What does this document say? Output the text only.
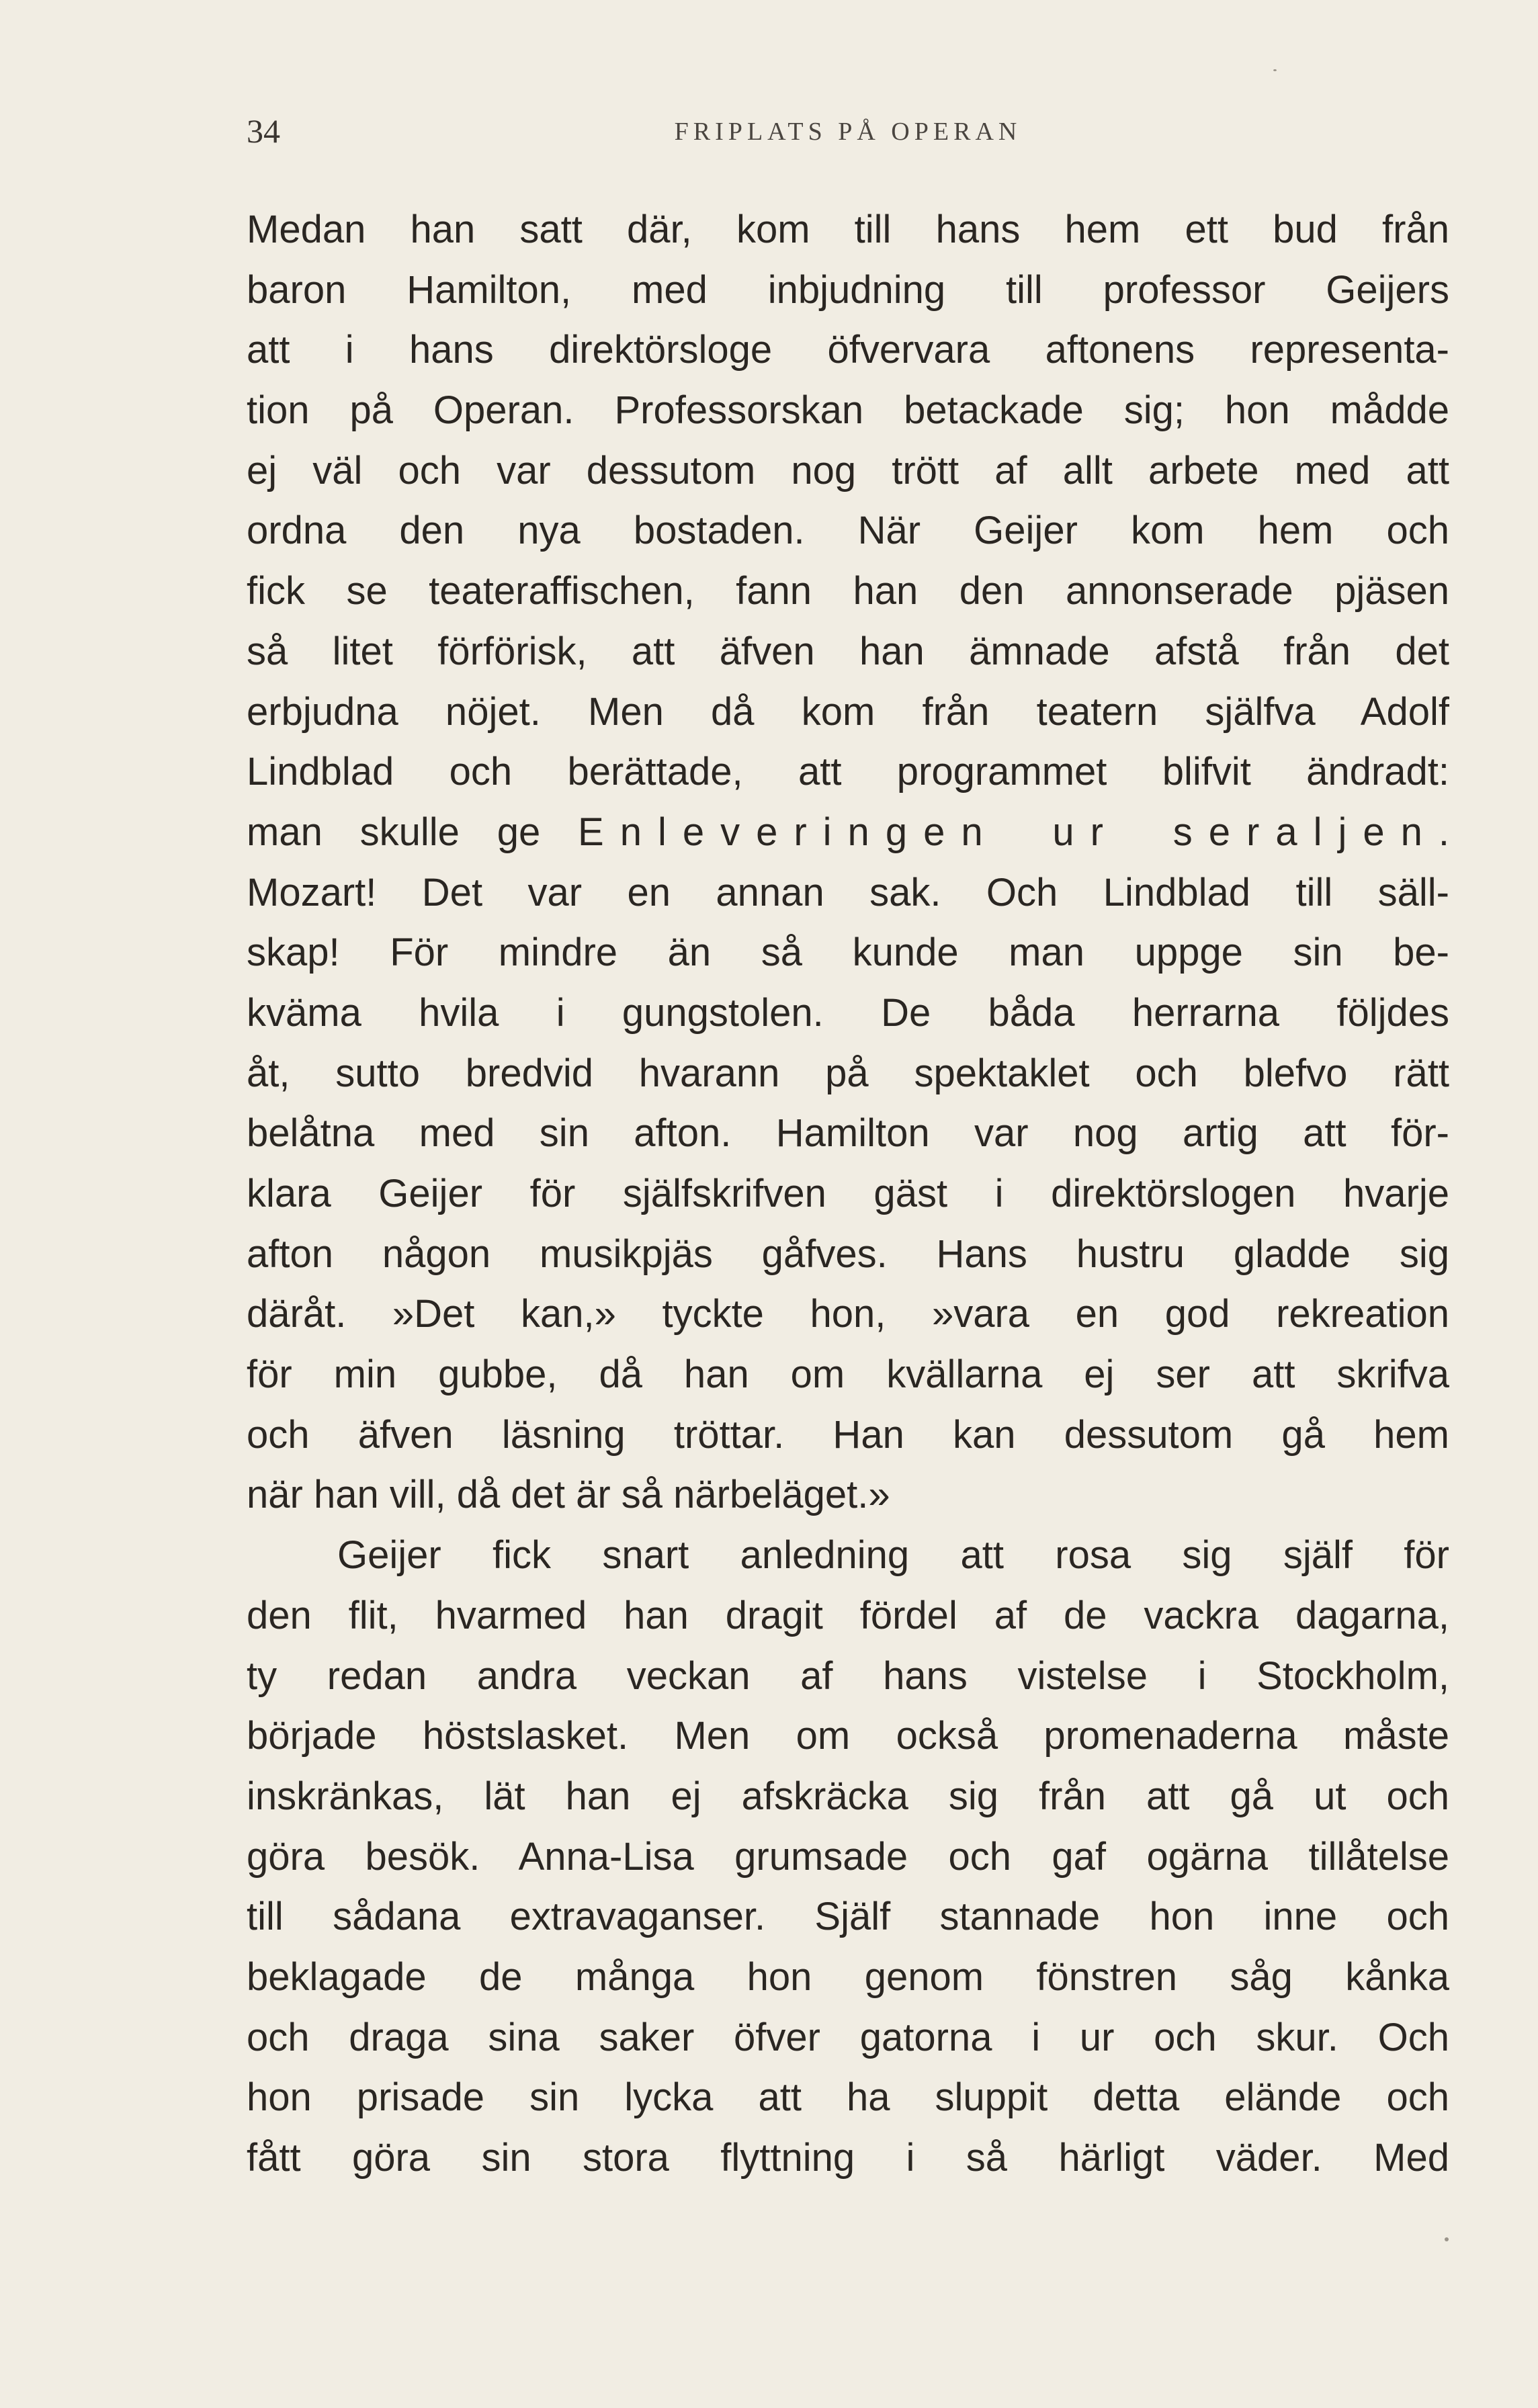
34	FRIPLATS PÅ OPERAN
Medan han satt där, kom till hans hem ett bud från
baron Hamilton, med inbjudning till professor Geijers
att i hans direktörsloge öfvervara aftonens representa-
tion på Operan. Professorskan betackade sig; hon mådde
ej väl och var dessutom nog trött af allt arbete med att
ordna den nya bostaden. När Geijer kom hem och
fick se teateraffischen, fann han den annonserade pjäsen
så litet förförisk, att äfven han ämnade afstå från det
erbjudna nöjet. Men då kom från teatern själfva Adolf
Lindblad och berättade, att programmet blifvit ändradt:
man skulle ge Enleveringen ur seraljen.
Mozart! Det var en annan sak. Och Lindblad till säll-
skap! För mindre än så kunde man uppge sin be-
kväma hvila i gungstolen. De båda herrarna följdes
åt, sutto bredvid hvarann på spektaklet och blefvo rätt
belåtna med sin afton. Hamilton var nog artig att för-
klara Geijer för själfskrifven gäst i direktörslogen hvarje
afton någon musikpjäs gåfves. Hans hustru gladde sig
däråt. »Det kan,» tyckte hon, »vara en god rekreation
för min gubbe, då han om kvällarna ej ser att skrifva
och äfven läsning tröttar. Han kan dessutom gå hem
när han vill, då det är så närbeläget.»
Geijer fick snart anledning att rosa sig själf för
den flit, hvarmed han dragit fördel af de vackra dagarna,
ty redan andra veckan af hans vistelse i Stockholm,
började höstslasket. Men om också promenaderna måste
inskränkas, lät han ej afskräcka sig från att gå ut och
göra besök. Anna-Lisa grumsade och gaf ogärna tillåtelse
till sådana extravaganser. Själf stannade hon inne och
beklagade de många hon genom fönstren såg kånka
och draga sina saker öfver gatorna i ur och skur. Och
hon prisade sin lycka att ha sluppit detta elände och
fått göra sin stora flyttning i så härligt väder. Med
